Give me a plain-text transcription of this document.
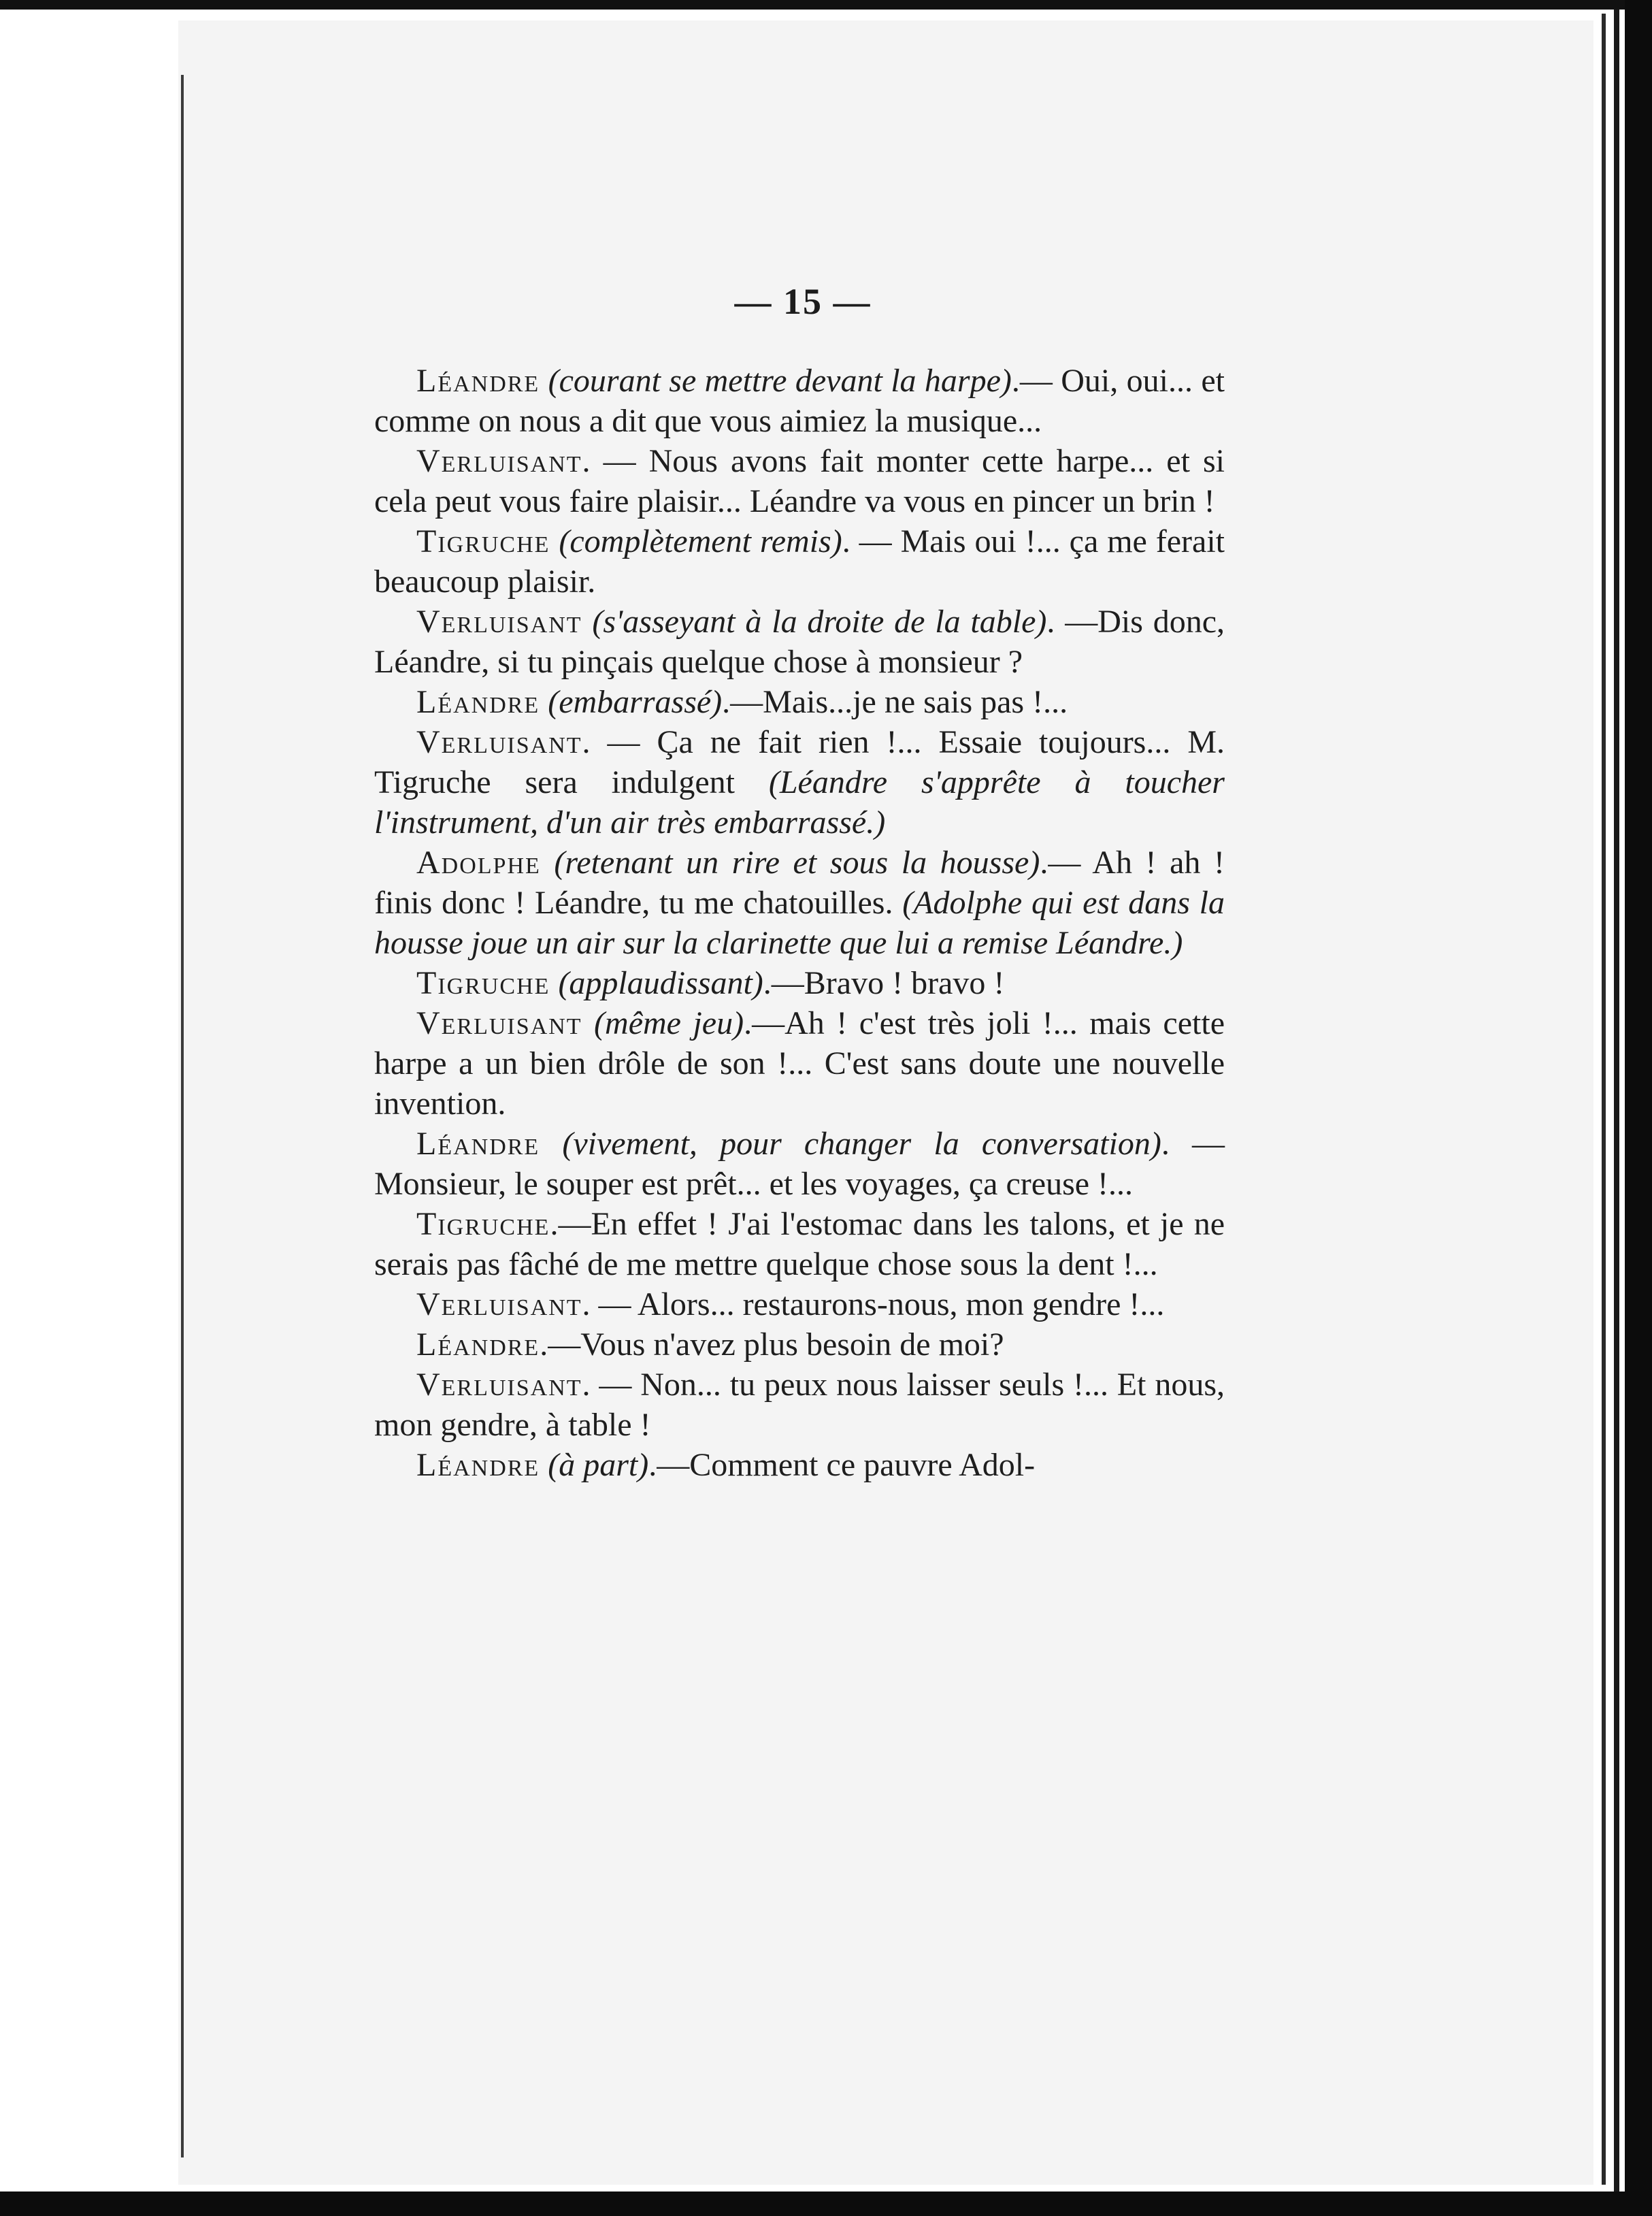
— 15 —

Léandre (courant se mettre devant la harpe).— Oui, oui... et comme on nous a dit que vous aimiez la musique...

Verluisant. — Nous avons fait monter cette harpe... et si cela peut vous faire plaisir... Léandre va vous en pincer un brin !

Tigruche (complètement remis). — Mais oui !... ça me ferait beaucoup plaisir.

Verluisant (s'asseyant à la droite de la table). —Dis donc, Léandre, si tu pinçais quelque chose à monsieur ?

Léandre (embarrassé).—Mais...je ne sais pas !...

Verluisant. — Ça ne fait rien !... Essaie toujours... M. Tigruche sera indulgent (Léandre s'apprête à toucher l'instrument, d'un air très embarrassé.)

Adolphe (retenant un rire et sous la housse).— Ah ! ah ! finis donc ! Léandre, tu me chatouilles. (Adolphe qui est dans la housse joue un air sur la clarinette que lui a remise Léandre.)

Tigruche (applaudissant).—Bravo ! bravo !

Verluisant (même jeu).—Ah ! c'est très joli !... mais cette harpe a un bien drôle de son !... C'est sans doute une nouvelle invention.

Léandre (vivement, pour changer la conversation). — Monsieur, le souper est prêt... et les voyages, ça creuse !...

Tigruche.—En effet ! J'ai l'estomac dans les talons, et je ne serais pas fâché de me mettre quelque chose sous la dent !...

Verluisant. — Alors... restaurons-nous, mon gendre !...

Léandre.—Vous n'avez plus besoin de moi?

Verluisant. — Non... tu peux nous laisser seuls !... Et nous, mon gendre, à table !

Léandre (à part).—Comment ce pauvre Adol-
